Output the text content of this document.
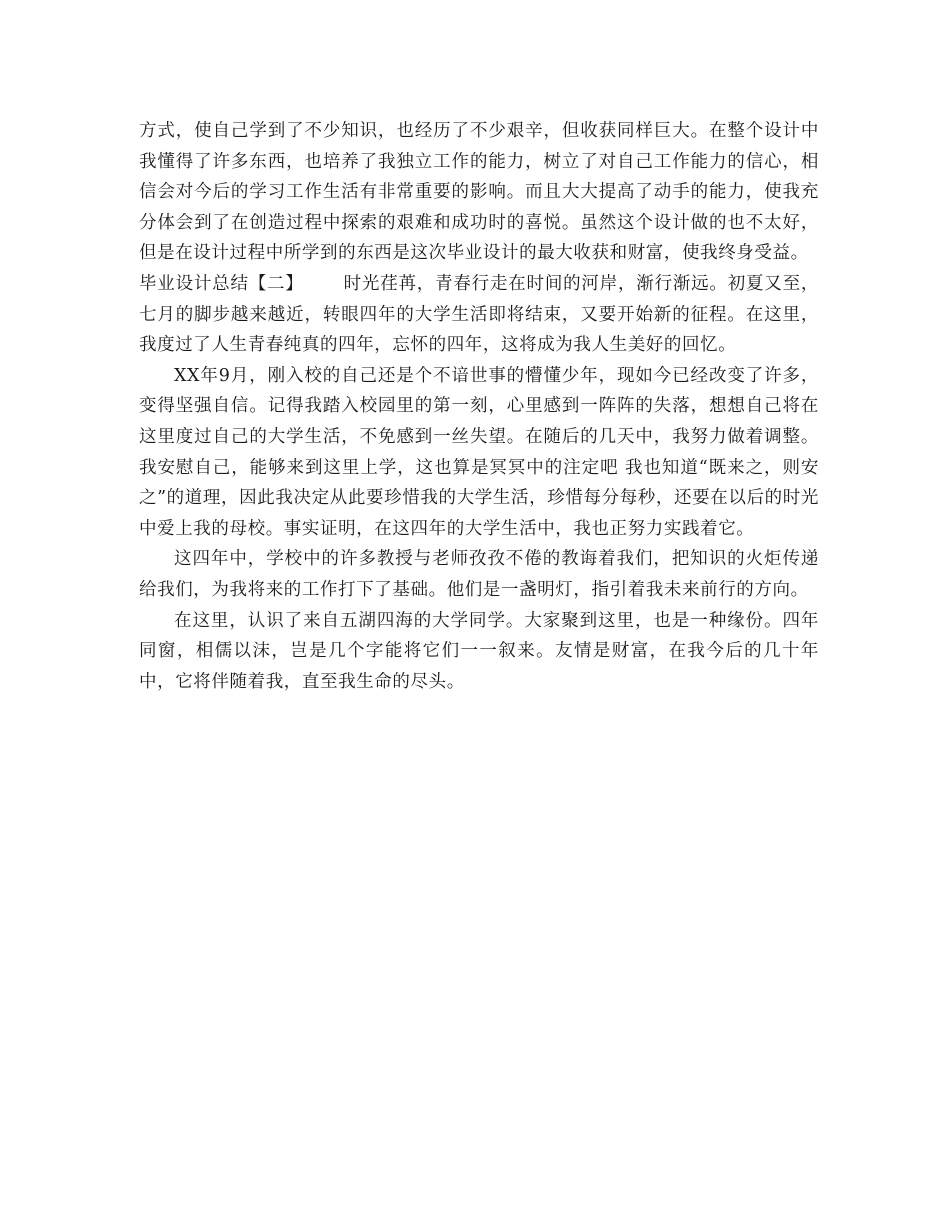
方式，使自己学到了不少知识，也经历了不少艰辛，但收获同样巨大。在整个设计中我懂得了许多东西，也培养了我独立工作的能力，树立了对自己工作能力的信心，相信会对今后的学习工作生活有非常重要的影响。而且大大提高了动手的能力，使我充分体会到了在创造过程中探索的艰难和成功时的喜悦。虽然这个设计做的也不太好，但是在设计过程中所学到的东西是这次毕业设计的最大收获和财富，使我终身受益。

毕业设计总结【二】 时光荏苒，青春行走在时间的河岸，渐行渐远。初夏又至，七月的脚步越来越近，转眼四年的大学生活即将结束，又要开始新的征程。在这里，我度过了人生青春纯真的四年，忘怀的四年，这将成为我人生美好的回忆。

XX年9月，刚入校的自己还是个不谙世事的懵懂少年，现如今已经改变了许多，变得坚强自信。记得我踏入校园里的第一刻，心里感到一阵阵的失落，想想自己将在这里度过自己的大学生活，不免感到一丝失望。在随后的几天中，我努力做着调整。我安慰自己，能够来到这里上学，这也算是冥冥中的注定吧 我也知道“既来之，则安之”的道理，因此我决定从此要珍惜我的大学生活，珍惜每分每秒，还要在以后的时光中爱上我的母校。事实证明，在这四年的大学生活中，我也正努力实践着它。

这四年中，学校中的许多教授与老师孜孜不倦的教诲着我们，把知识的火炬传递给我们，为我将来的工作打下了基础。他们是一盏明灯，指引着我未来前行的方向。

在这里，认识了来自五湖四海的大学同学。大家聚到这里，也是一种缘份。四年同窗，相儒以沫，岂是几个字能将它们一一叙来。友情是财富，在我今后的几十年中，它将伴随着我，直至我生命的尽头。
